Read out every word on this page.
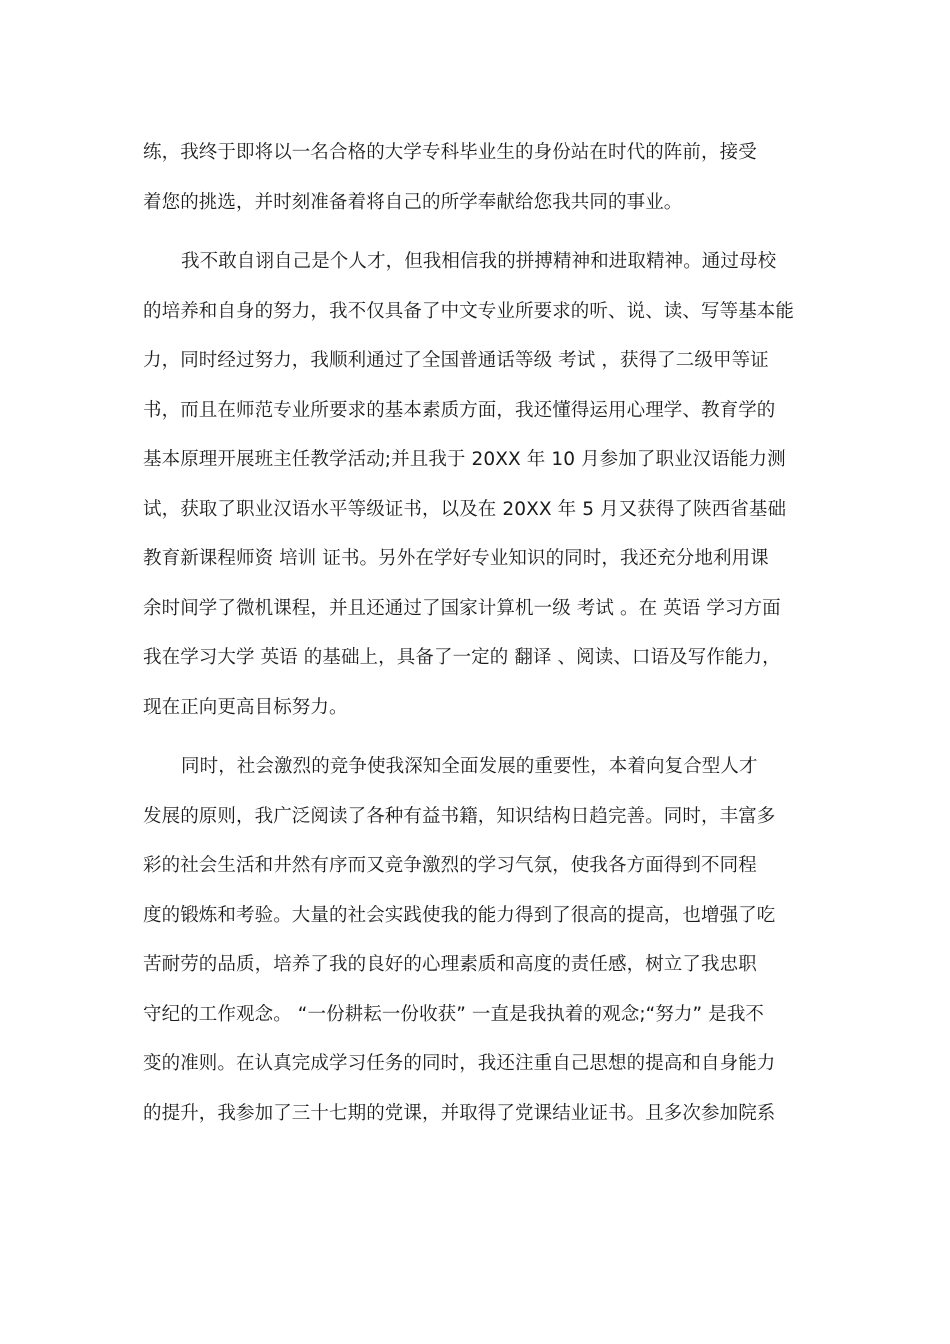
练，我终于即将以一名合格的大学专科毕业生的身份站在时代的阵前，接受
着您的挑选，并时刻准备着将自己的所学奉献给您我共同的事业。
我不敢自诩自己是个人才，但我相信我的拼搏精神和进取精神。通过母校
的培养和自身的努力，我不仅具备了中文专业所要求的听、说、读、写等基本能
力，同时经过努力，我顺利通过了全国普通话等级 考试 ，获得了二级甲等证
书，而且在师范专业所要求的基本素质方面，我还懂得运用心理学、教育学的
基本原理开展班主任教学活动;并且我于 20XX 年 10 月参加了职业汉语能力测
试，获取了职业汉语水平等级证书，以及在 20XX 年 5 月又获得了陕西省基础
教育新课程师资 培训 证书。另外在学好专业知识的同时，我还充分地利用课
余时间学了微机课程，并且还通过了国家计算机一级 考试 。在 英语 学习方面
我在学习大学 英语 的基础上，具备了一定的 翻译 、阅读、口语及写作能力，
现在正向更高目标努力。
同时，社会激烈的竞争使我深知全面发展的重要性，本着向复合型人才
发展的原则，我广泛阅读了各种有益书籍，知识结构日趋完善。同时，丰富多
彩的社会生活和井然有序而又竞争激烈的学习气氛，使我各方面得到不同程
度的锻炼和考验。大量的社会实践使我的能力得到了很高的提高，也增强了吃
苦耐劳的品质，培养了我的良好的心理素质和高度的责任感，树立了我忠职
守纪的工作观念。 “一份耕耘一份收获” 一直是我执着的观念;“努力” 是我不
变的准则。在认真完成学习任务的同时，我还注重自己思想的提高和自身能力
的提升，我参加了三十七期的党课，并取得了党课结业证书。且多次参加院系
